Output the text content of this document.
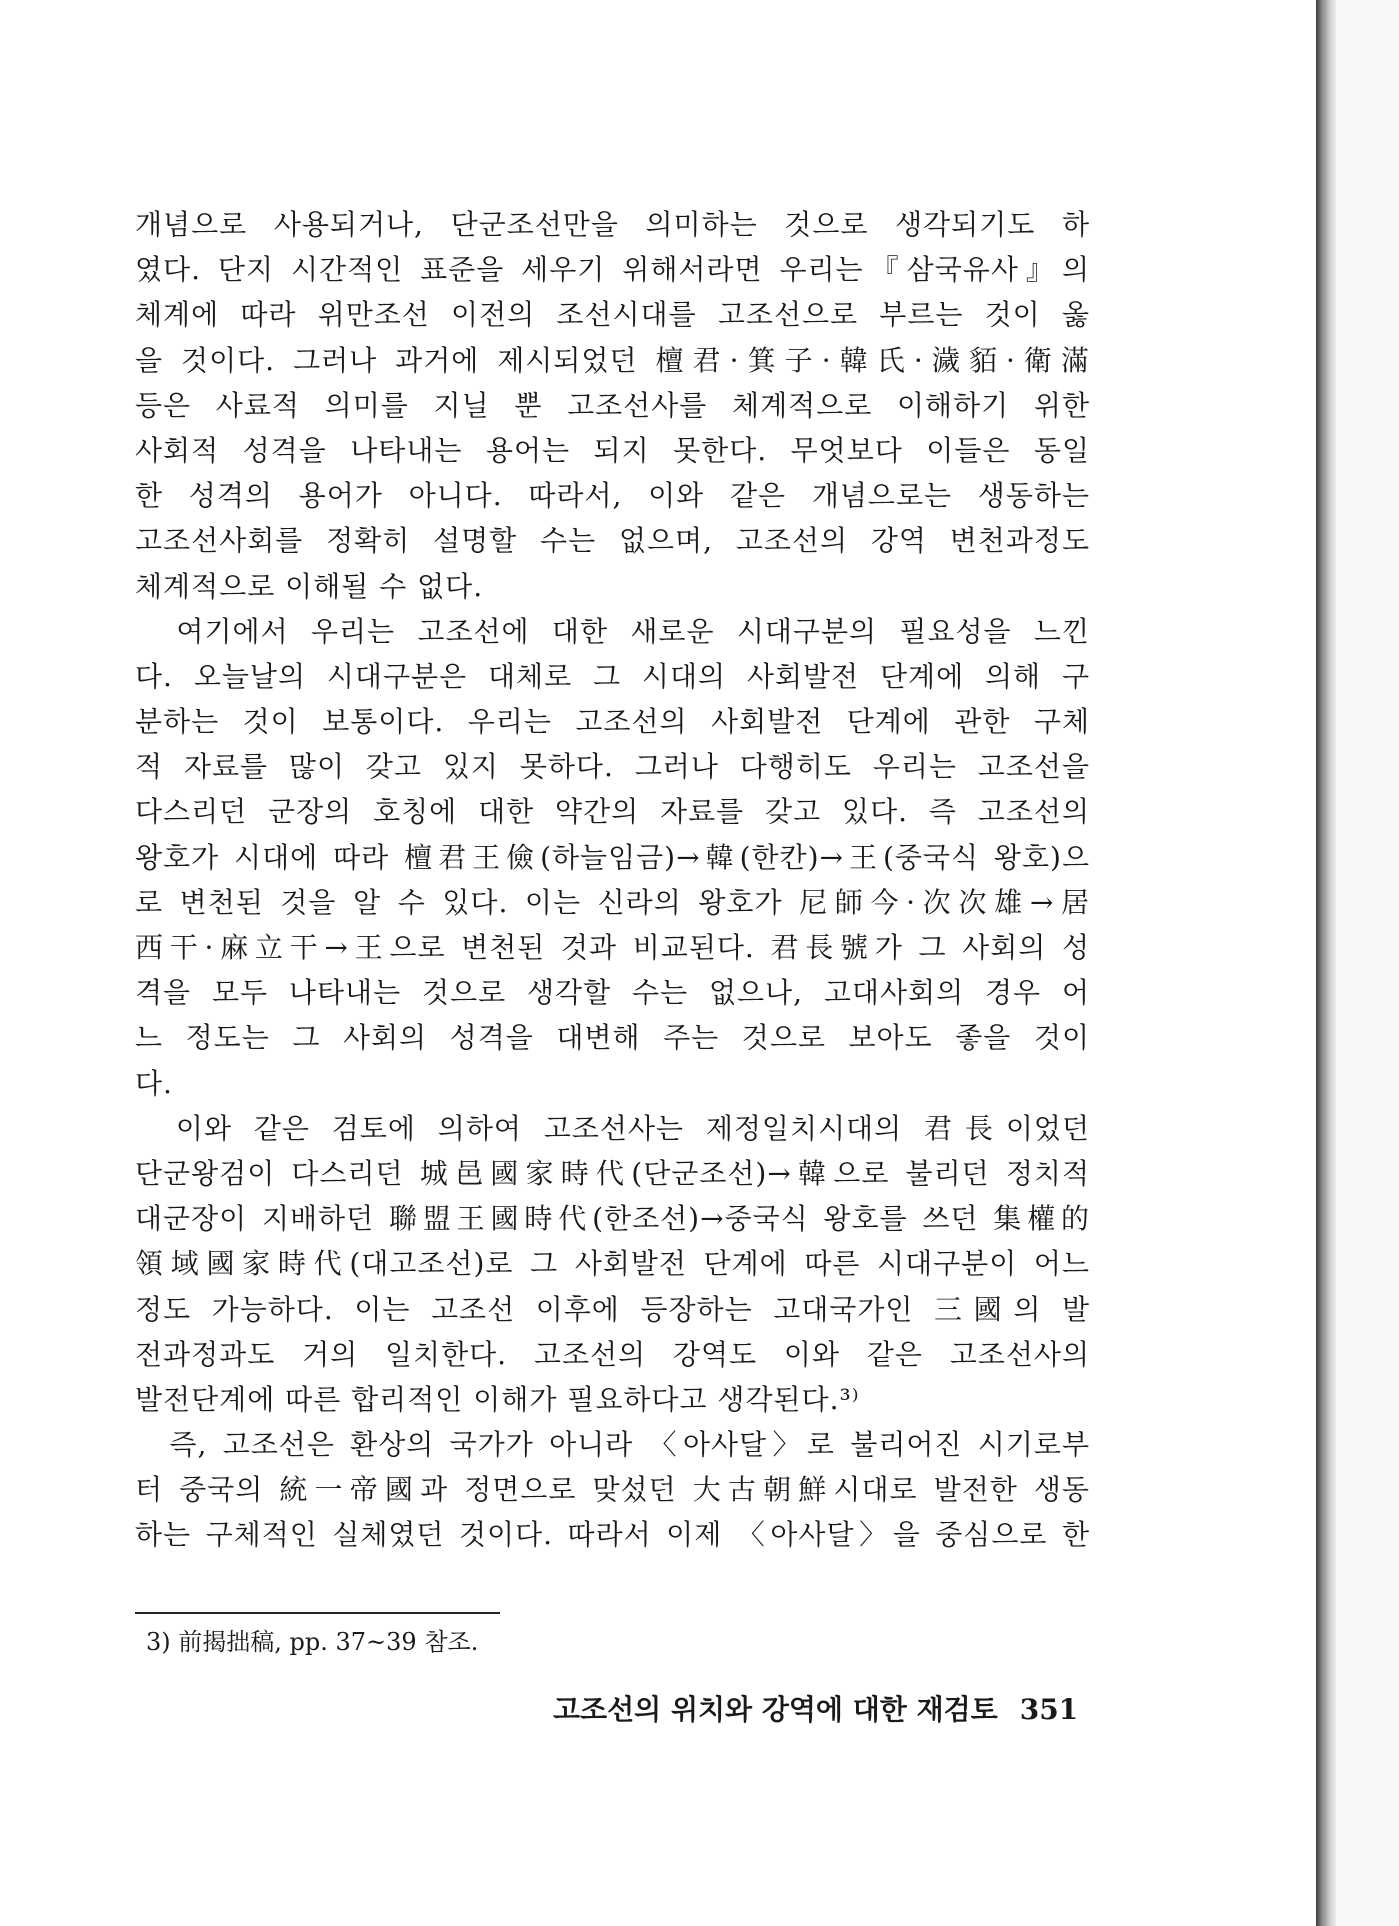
개념으로 사용되거나, 단군조선만을 의미하는 것으로 생각되기도 하
였다. 단지 시간적인 표준을 세우기 위해서라면 우리는『삼국유사』의
체계에 따라 위만조선 이전의 조선시대를 고조선으로 부르는 것이 옳
을 것이다. 그러나 과거에 제시되었던 檀君·箕子·韓氏·濊貊·衛滿
등은 사료적 의미를 지닐 뿐 고조선사를 체계적으로 이해하기 위한
사회적 성격을 나타내는 용어는 되지 못한다. 무엇보다 이들은 동일
한 성격의 용어가 아니다. 따라서, 이와 같은 개념으로는 생동하는
고조선사회를 정확히 설명할 수는 없으며, 고조선의 강역 변천과정도
체계적으로 이해될 수 없다.
　여기에서 우리는 고조선에 대한 새로운 시대구분의 필요성을 느낀
다. 오늘날의 시대구분은 대체로 그 시대의 사회발전 단계에 의해 구
분하는 것이 보통이다. 우리는 고조선의 사회발전 단계에 관한 구체
적 자료를 많이 갖고 있지 못하다. 그러나 다행히도 우리는 고조선을
다스리던 군장의 호칭에 대한 약간의 자료를 갖고 있다. 즉 고조선의
왕호가 시대에 따라 檀君王儉(하늘임금)→韓(한칸)→王(중국식 왕호)으
로 변천된 것을 알 수 있다. 이는 신라의 왕호가 尼師今·次次雄→居
西干·麻立干→王으로 변천된 것과 비교된다. 君長號가 그 사회의 성
격을 모두 나타내는 것으로 생각할 수는 없으나, 고대사회의 경우 어
느 정도는 그 사회의 성격을 대변해 주는 것으로 보아도 좋을 것이
다.
　이와 같은 검토에 의하여 고조선사는 제정일치시대의 君長이었던
단군왕검이 다스리던 城邑國家時代(단군조선)→韓으로 불리던 정치적
대군장이 지배하던 聯盟王國時代(한조선)→중국식 왕호를 쓰던 集權的
領域國家時代(대고조선)로 그 사회발전 단계에 따른 시대구분이 어느
정도 가능하다. 이는 고조선 이후에 등장하는 고대국가인 三國의 발
전과정과도 거의 일치한다. 고조선의 강역도 이와 같은 고조선사의
발전단계에 따른 합리적인 이해가 필요하다고 생각된다.³⁾
　즉, 고조선은 환상의 국가가 아니라 〈아사달〉로 불리어진 시기로부
터 중국의 統一帝國과 정면으로 맞섰던 大古朝鮮시대로 발전한 생동
하는 구체적인 실체였던 것이다. 따라서 이제 〈아사달〉을 중심으로 한
3) 前揭拙稿, pp. 37~39 참조.
고조선의 위치와 강역에 대한 재검토 351
